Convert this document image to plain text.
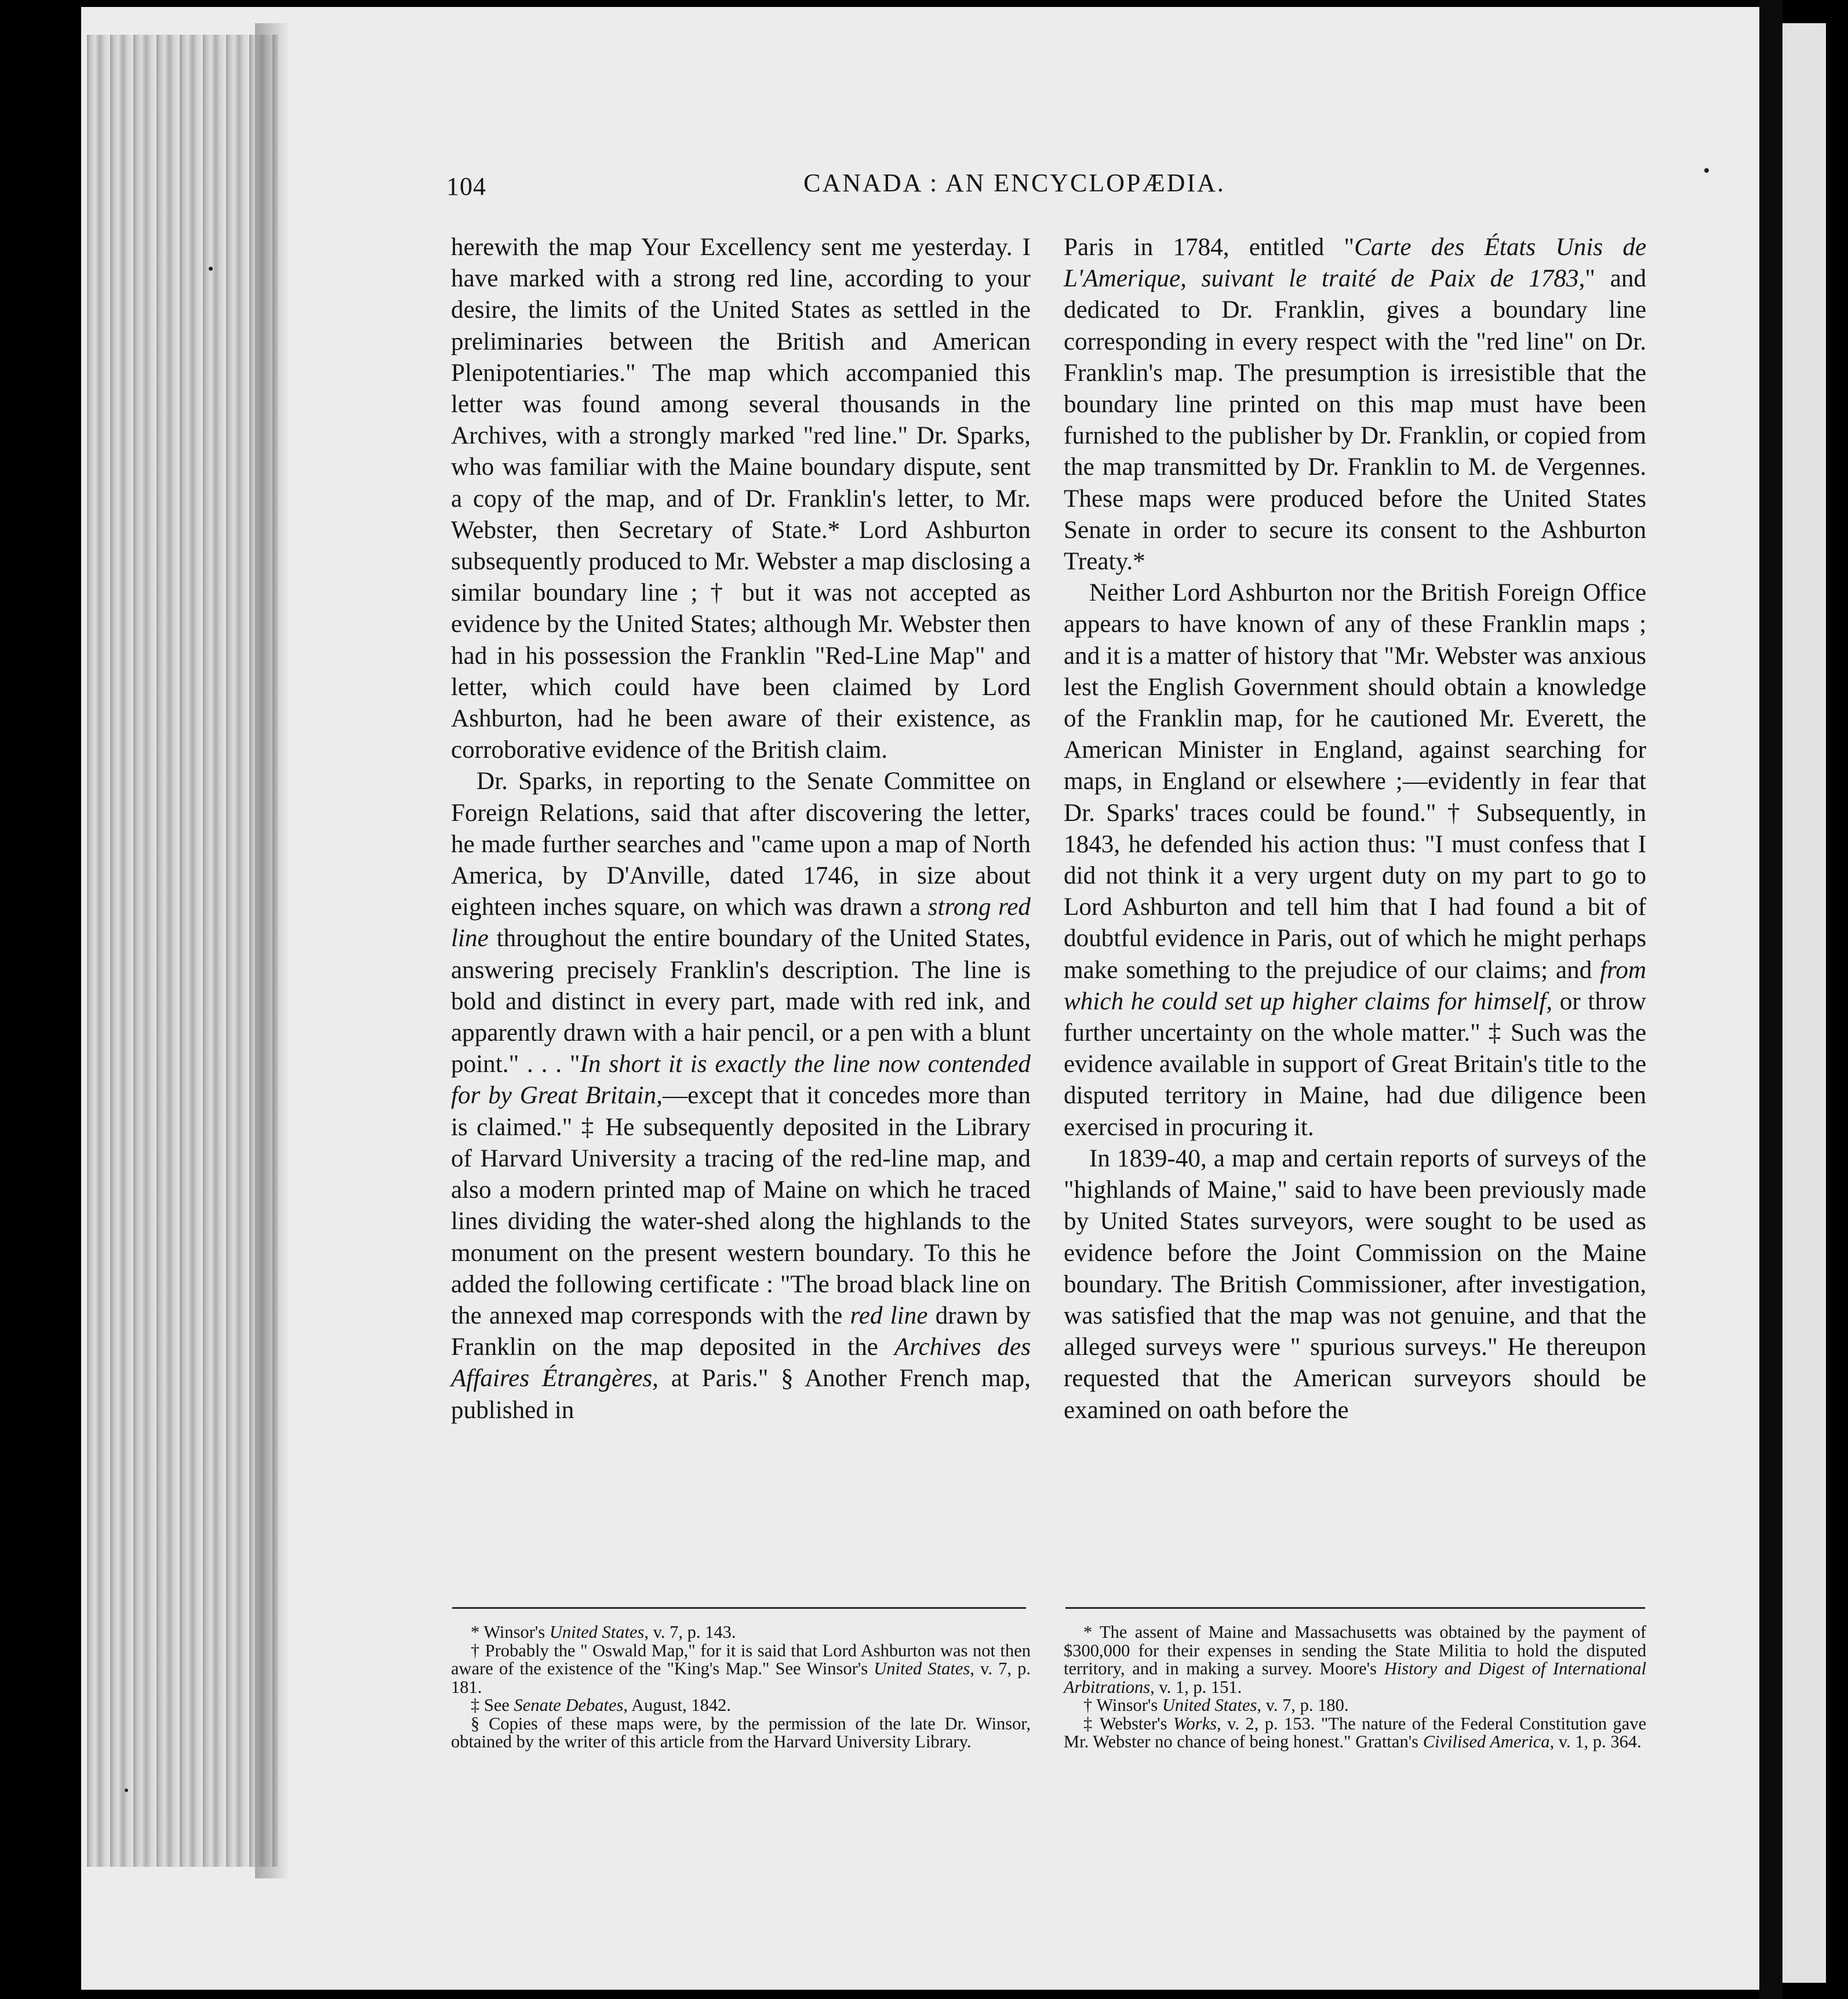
104	CANADA : AN ENCYCLOPÆDIA.

herewith the map Your Excellency sent me yesterday. I have marked with a strong red line, according to your desire, the limits of the United States as settled in the preliminaries between the British and American Plenipotentiaries." The map which accompanied this letter was found among several thousands in the Archives, with a strongly marked "red line." Dr. Sparks, who was familiar with the Maine boundary dispute, sent a copy of the map, and of Dr. Franklin's letter, to Mr. Webster, then Secretary of State.* Lord Ashburton subsequently produced to Mr. Webster a map disclosing a similar boundary line ; † but it was not accepted as evidence by the United States; although Mr. Webster then had in his possession the Franklin "Red-Line Map" and letter, which could have been claimed by Lord Ashburton, had he been aware of their existence, as corroborative evidence of the British claim.

Dr. Sparks, in reporting to the Senate Committee on Foreign Relations, said that after discovering the letter, he made further searches and "came upon a map of North America, by D'Anville, dated 1746, in size about eighteen inches square, on which was drawn a strong red line throughout the entire boundary of the United States, answering precisely Franklin's description. The line is bold and distinct in every part, made with red ink, and apparently drawn with a hair pencil, or a pen with a blunt point." . . . "In short it is exactly the line now contended for by Great Britain,—except that it concedes more than is claimed." ‡ He subsequently deposited in the Library of Harvard University a tracing of the red-line map, and also a modern printed map of Maine on which he traced lines dividing the water-shed along the highlands to the monument on the present western boundary. To this he added the following certificate : "The broad black line on the annexed map corresponds with the red line drawn by Franklin on the map deposited in the Archives des Affaires Étrangères, at Paris." § Another French map, published in

Paris in 1784, entitled "Carte des États Unis de L'Amerique, suivant le traité de Paix de 1783," and dedicated to Dr. Franklin, gives a boundary line corresponding in every respect with the "red line" on Dr. Franklin's map. The presumption is irresistible that the boundary line printed on this map must have been furnished to the publisher by Dr. Franklin, or copied from the map transmitted by Dr. Franklin to M. de Vergennes. These maps were produced before the United States Senate in order to secure its consent to the Ashburton Treaty.*

Neither Lord Ashburton nor the British Foreign Office appears to have known of any of these Franklin maps ; and it is a matter of history that "Mr. Webster was anxious lest the English Government should obtain a knowledge of the Franklin map, for he cautioned Mr. Everett, the American Minister in England, against searching for maps, in England or elsewhere ;—evidently in fear that Dr. Sparks' traces could be found." † Subsequently, in 1843, he defended his action thus: "I must confess that I did not think it a very urgent duty on my part to go to Lord Ashburton and tell him that I had found a bit of doubtful evidence in Paris, out of which he might perhaps make something to the prejudice of our claims; and from which he could set up higher claims for himself, or throw further uncertainty on the whole matter." ‡ Such was the evidence available in support of Great Britain's title to the disputed territory in Maine, had due diligence been exercised in procuring it.

In 1839-40, a map and certain reports of surveys of the "highlands of Maine," said to have been previously made by United States surveyors, were sought to be used as evidence before the Joint Commission on the Maine boundary. The British Commissioner, after investigation, was satisfied that the map was not genuine, and that the alleged surveys were " spurious surveys." He thereupon requested that the American surveyors should be examined on oath before the

* Winsor's United States, v. 7, p. 143.

† Probably the " Oswald Map," for it is said that Lord Ashburton was not then aware of the existence of the "King's Map." See Winsor's United States, v. 7, p. 181.

‡ See Senate Debates, August, 1842.

§ Copies of these maps were, by the permission of the late Dr. Winsor, obtained by the writer of this article from the Harvard University Library.

* The assent of Maine and Massachusetts was obtained by the payment of $300,000 for their expenses in sending the State Militia to hold the disputed territory, and in making a survey. Moore's History and Digest of International Arbitrations, v. 1, p. 151.

† Winsor's United States, v. 7, p. 180.

‡ Webster's Works, v. 2, p. 153. "The nature of the Federal Constitution gave Mr. Webster no chance of being honest." Grattan's Civilised America, v. 1, p. 364.
